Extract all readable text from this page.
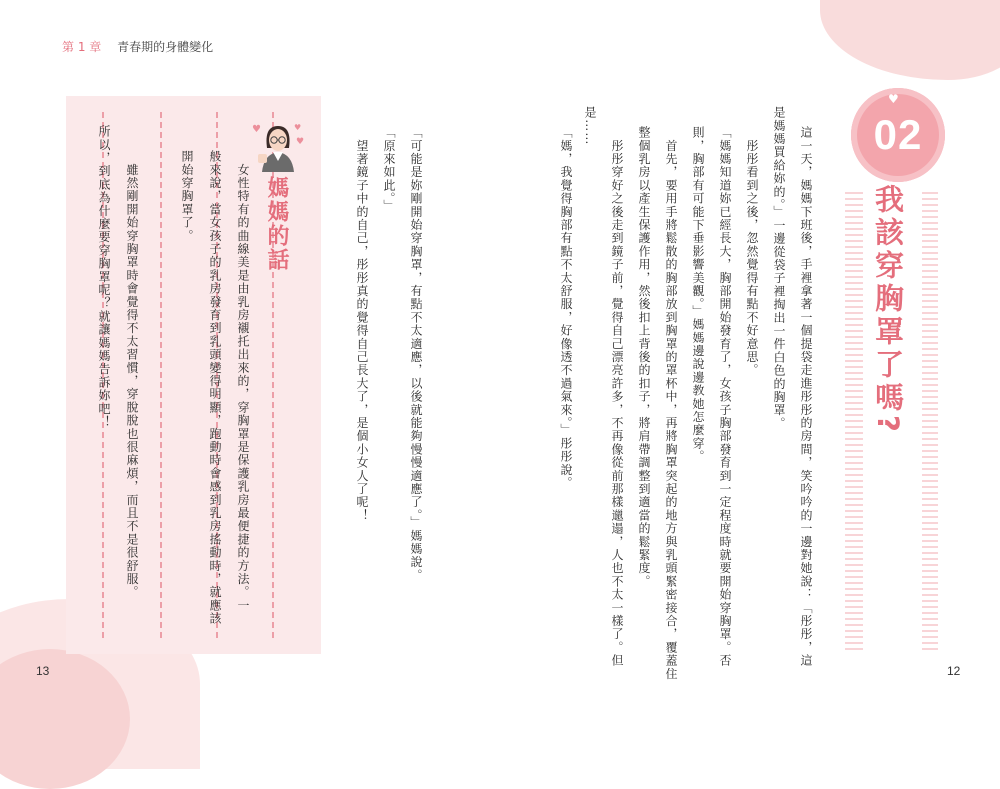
第 1 章 青春期的身體變化
♥	♥
♥
媽媽的話
　女性特有的曲線美是由乳房襯托出來的，穿胸罩是保護乳房最便捷的方法。一
般來說，當女孩子的乳房發育到乳頭變得明顯，跑動時會感到乳房搖動時，就應該
開始穿胸罩了。
　雖然剛開始穿胸罩時會覺得不太習慣，穿脫脫也很麻煩，而且不是很舒服。
所以，到底為什麼要穿胸罩呢？就讓媽媽告訴妳吧！	這一天，媽媽下班後，手裡拿著一個提袋走進彤彤的房間，笑吟吟的一邊對她說：「彤彤，這
是媽媽買給妳的。」一邊從袋子裡掏出一件白色的胸罩。
　彤彤看到之後，忽然覺得有點不好意思。
「媽媽知道妳已經長大，胸部開始發育了，女孩子胸部發育到一定程度時就要開始穿胸罩。否
則，胸部有可能下垂影響美觀。」媽媽邊說邊教她怎麼穿。
　首先，要用手將鬆散的胸部放到胸罩的罩杯中，再將胸罩突起的地方與乳頭緊密接合，覆蓋住
整個乳房以產生保護作用，然後扣上背後的扣子，將肩帶調整到適當的鬆緊度。
　彤彤穿好之後走到鏡子前，覺得自己漂亮許多，不再像從前那樣邋遢，人也不太一樣了。但
是……
「媽，我覺得胸部有點不太舒服，好像透不過氣來。」彤彤說。
「可能是妳剛開始穿胸罩，有點不太適應，以後就能夠慢慢適應了。」媽媽說。
「原來如此。」
　望著鏡子中的自己，彤彤真的覺得自己長大了，是個小女人了呢！	02
♥
我該穿胸罩了嗎?
13	12
